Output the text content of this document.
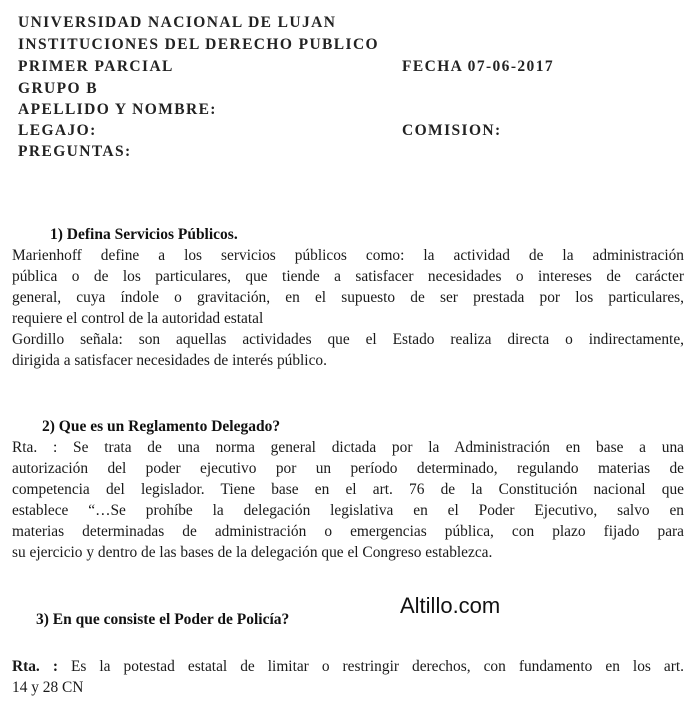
UNIVERSIDAD NACIONAL DE LUJAN
INSTITUCIONES DEL DERECHO PUBLICO
PRIMER PARCIAL	FECHA 07-06-2017
GRUPO B
APELLIDO Y NOMBRE:
LEGAJO:	COMISION:
PREGUNTAS:
1) Defina Servicios Públicos.
Marienhoff define a los servicios públicos como: la actividad de la administración
pública o de los particulares, que tiende a satisfacer necesidades o intereses de carácter
general, cuya índole o gravitación, en el supuesto de ser prestada por los particulares,
requiere el control de la autoridad estatal
Gordillo señala: son aquellas actividades que el Estado realiza directa o indirectamente,
dirigida a satisfacer necesidades de interés público.
2) Que es un Reglamento Delegado?
Rta. : Se trata de una norma general dictada por la Administración en base a una
autorización del poder ejecutivo por un período determinado, regulando materias de
competencia del legislador. Tiene base en el art. 76 de la Constitución nacional que
establece “…Se prohíbe la delegación legislativa en el Poder Ejecutivo, salvo en
materias determinadas de administración o emergencias pública, con plazo fijado para
su ejercicio y dentro de las bases de la delegación que el Congreso establezca.
Altillo.com
3) En que consiste el Poder de Policía?
Rta. : Es la potestad estatal de limitar o restringir derechos, con fundamento en los art.
14 y 28 CN
